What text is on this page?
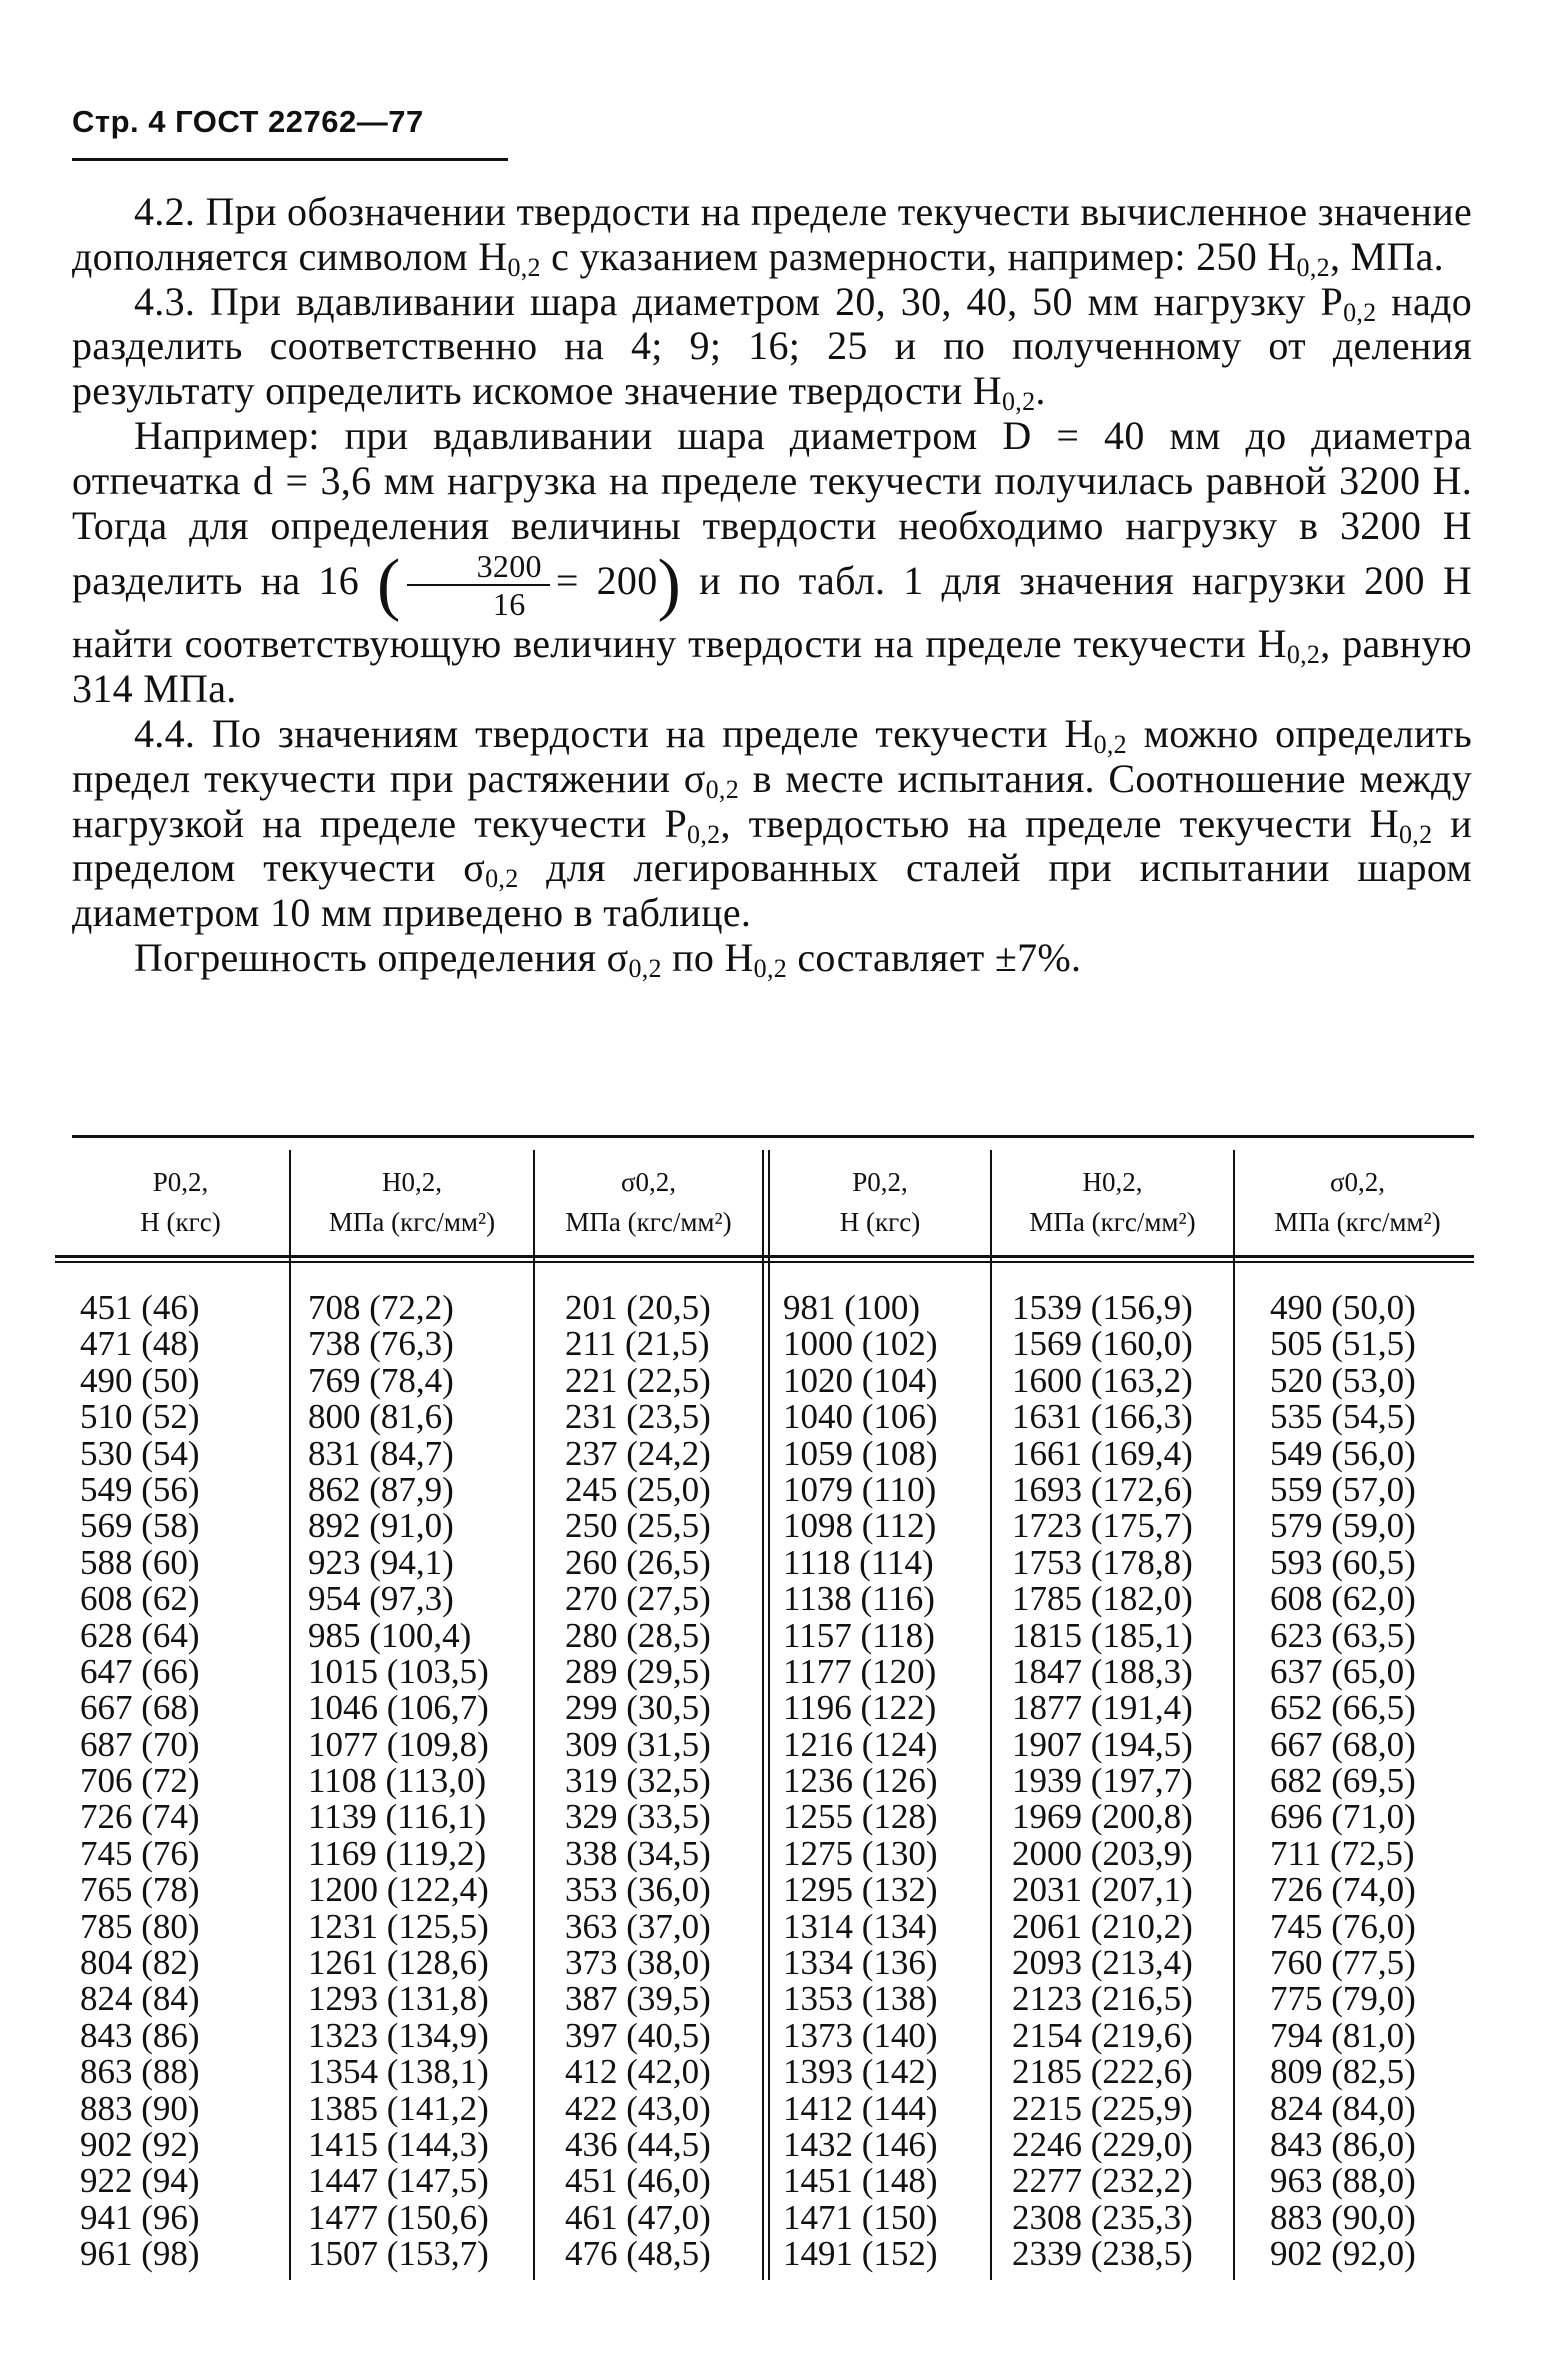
Стр. 4 ГОСТ 22762—77

4.2. При обозначении твердости на пределе текучести вычисленное значение дополняется символом $H_{0,2}$ с указанием размерности, например: 250 $H_{0,2}$, МПа.

4.3. При вдавливании шара диаметром 20, 30, 40, 50 мм нагрузку $P_{0,2}$ надо разделить соответственно на 4; 9; 16; 25 и по полученному от деления результату определить искомое значение твердости $H_{0,2}$.

Например: при вдавливании шара диаметром D = 40 мм до диаметра отпечатка d = 3,6 мм нагрузка на пределе текучести получилась равной 3200 Н. Тогда для определения величины твердости необходимо нагрузку в 3200 Н разделить на 16 ( $\frac{3200}{16} = 200$) и по табл. 1 для значения нагрузки 200 Н найти соответствующую величину твердости на пределе текучести $H_{0,2}$, равную 314 МПа.

4.4. По значениям твердости на пределе текучести $H_{0,2}$ можно определить предел текучести при растяжении $\sigma_{0,2}$ в месте испытания. Соотношение между нагрузкой на пределе текучести $P_{0,2}$, твердостью на пределе текучести $H_{0,2}$ и пределом текучести $\sigma_{0,2}$ для легированных сталей при испытании шаром диаметром 10 мм приведено в таблице.

Погрешность определения $\sigma_{0,2}$ по $H_{0,2}$ составляет ±7%.

P0,2,
Н (кгс)
H0,2,
МПа (кгс/мм²)
σ0,2,
МПа (кгс/мм²)
P0,2,
Н (кгс)
H0,2,
МПа (кгс/мм²)
σ0,2,
МПа (кгс/мм²)
451 (46)
471 (48)
490 (50)
510 (52)
530 (54)
549 (56)
569 (58)
588 (60)
608 (62)
628 (64)
647 (66)
667 (68)
687 (70)
706 (72)
726 (74)
745 (76)
765 (78)
785 (80)
804 (82)
824 (84)
843 (86)
863 (88)
883 (90)
902 (92)
922 (94)
941 (96)
961 (98)
708 (72,2)
738 (76,3)
769 (78,4)
800 (81,6)
831 (84,7)
862 (87,9)
892 (91,0)
923 (94,1)
954 (97,3)
985 (100,4)
1015 (103,5)
1046 (106,7)
1077 (109,8)
1108 (113,0)
1139 (116,1)
1169 (119,2)
1200 (122,4)
1231 (125,5)
1261 (128,6)
1293 (131,8)
1323 (134,9)
1354 (138,1)
1385 (141,2)
1415 (144,3)
1447 (147,5)
1477 (150,6)
1507 (153,7)
201 (20,5)
211 (21,5)
221 (22,5)
231 (23,5)
237 (24,2)
245 (25,0)
250 (25,5)
260 (26,5)
270 (27,5)
280 (28,5)
289 (29,5)
299 (30,5)
309 (31,5)
319 (32,5)
329 (33,5)
338 (34,5)
353 (36,0)
363 (37,0)
373 (38,0)
387 (39,5)
397 (40,5)
412 (42,0)
422 (43,0)
436 (44,5)
451 (46,0)
461 (47,0)
476 (48,5)
981 (100)
1000 (102)
1020 (104)
1040 (106)
1059 (108)
1079 (110)
1098 (112)
1118 (114)
1138 (116)
1157 (118)
1177 (120)
1196 (122)
1216 (124)
1236 (126)
1255 (128)
1275 (130)
1295 (132)
1314 (134)
1334 (136)
1353 (138)
1373 (140)
1393 (142)
1412 (144)
1432 (146)
1451 (148)
1471 (150)
1491 (152)
1539 (156,9)
1569 (160,0)
1600 (163,2)
1631 (166,3)
1661 (169,4)
1693 (172,6)
1723 (175,7)
1753 (178,8)
1785 (182,0)
1815 (185,1)
1847 (188,3)
1877 (191,4)
1907 (194,5)
1939 (197,7)
1969 (200,8)
2000 (203,9)
2031 (207,1)
2061 (210,2)
2093 (213,4)
2123 (216,5)
2154 (219,6)
2185 (222,6)
2215 (225,9)
2246 (229,0)
2277 (232,2)
2308 (235,3)
2339 (238,5)
490 (50,0)
505 (51,5)
520 (53,0)
535 (54,5)
549 (56,0)
559 (57,0)
579 (59,0)
593 (60,5)
608 (62,0)
623 (63,5)
637 (65,0)
652 (66,5)
667 (68,0)
682 (69,5)
696 (71,0)
711 (72,5)
726 (74,0)
745 (76,0)
760 (77,5)
775 (79,0)
794 (81,0)
809 (82,5)
824 (84,0)
843 (86,0)
963 (88,0)
883 (90,0)
902 (92,0)
